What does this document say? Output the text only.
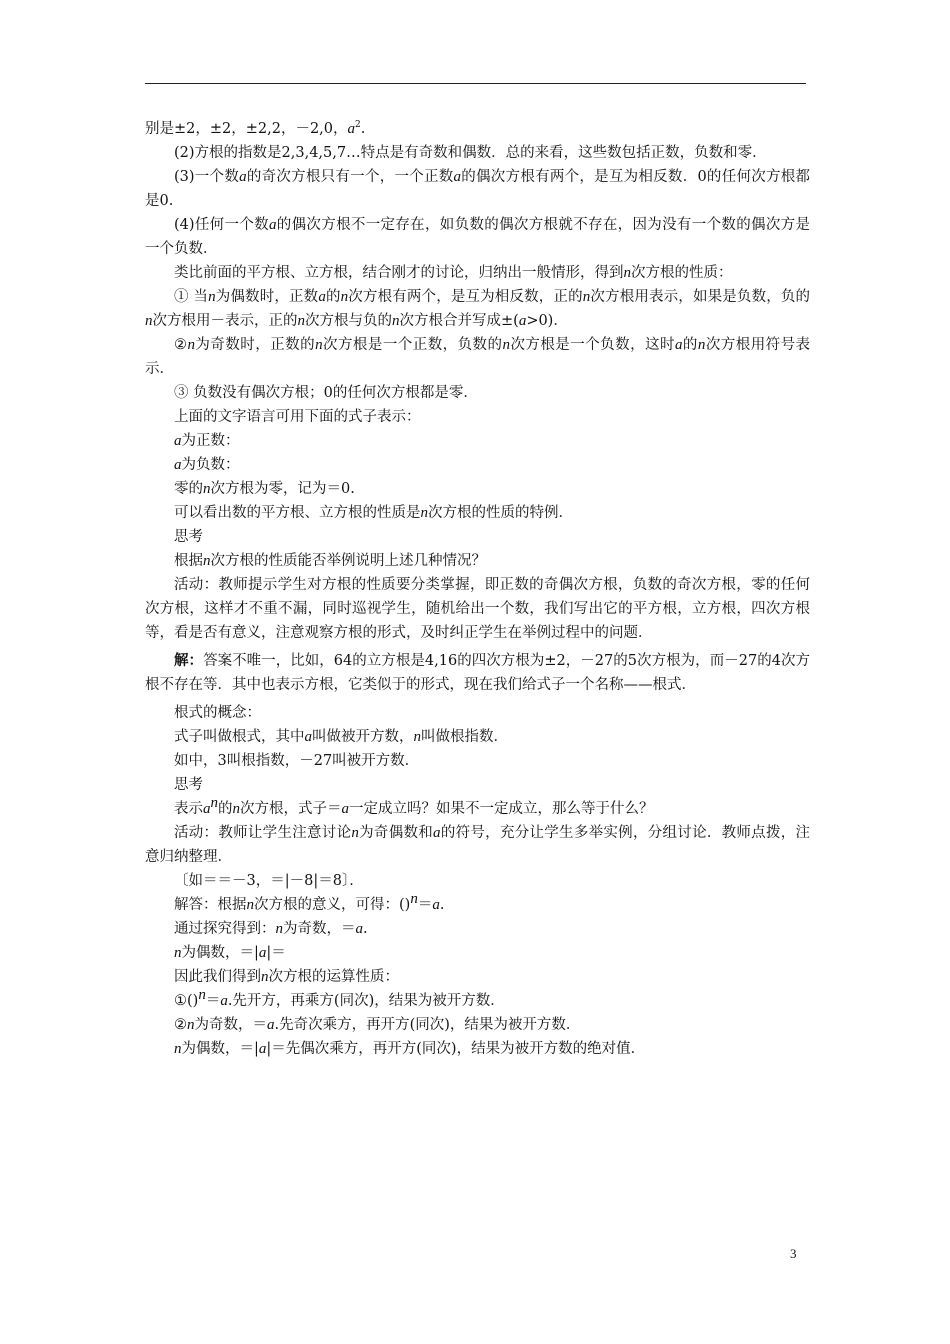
别是±2，±2，±2,2，－2,0，$a^2$.

(2)方根的指数是2,3,4,5,7…特点是有奇数和偶数．总的来看，这些数包括正数，负数和零．

(3)一个数a的奇次方根只有一个，一个正数a的偶次方根有两个，是互为相反数．0的任何次方根都是0.

(4)任何一个数a的偶次方根不一定存在，如负数的偶次方根就不存在，因为没有一个数的偶次方是一个负数．

类比前面的平方根、立方根，结合刚才的讨论，归纳出一般情形，得到n次方根的性质：

① 当n为偶数时，正数a的n次方根有两个，是互为相反数，正的n次方根用表示，如果是负数，负的n次方根用－表示，正的n次方根与负的n次方根合并写成±(a>0)．

②n为奇数时，正数的n次方根是一个正数，负数的n次方根是一个负数，这时a的n次方根用符号表示．

③ 负数没有偶次方根；0的任何次方根都是零．

上面的文字语言可用下面的式子表示：

a为正数：

a为负数：

零的n次方根为零，记为＝0.

可以看出数的平方根、立方根的性质是n次方根的性质的特例．

思考

根据n次方根的性质能否举例说明上述几种情况？

活动：教师提示学生对方根的性质要分类掌握，即正数的奇偶次方根，负数的奇次方根，零的任何次方根，这样才不重不漏，同时巡视学生，随机给出一个数，我们写出它的平方根，立方根，四次方根等，看是否有意义，注意观察方根的形式，及时纠正学生在举例过程中的问题．

解：答案不唯一，比如，64的立方根是4,16的四次方根为±2，－27的5次方根为，而－27的4次方根不存在等．其中也表示方根，它类似于的形式，现在我们给式子一个名称——根式．

根式的概念：

式子叫做根式，其中a叫做被开方数，n叫做根指数．

如中，3叫根指数，－27叫被开方数．

思考

表示$a^n$的n次方根，式子＝a一定成立吗？如果不一定成立，那么等于什么？

活动：教师让学生注意讨论n为奇偶数和a的符号，充分让学生多举实例，分组讨论．教师点拨，注意归纳整理．

〔如＝＝－3，＝|－8|＝8〕．

解答：根据n次方根的意义，可得：()$^n$＝a.

通过探究得到：n为奇数，＝a.

n为偶数，＝|a|＝

因此我们得到n次方根的运算性质：

①()$^n$＝a.先开方，再乘方(同次)，结果为被开方数．

②n为奇数，＝a.先奇次乘方，再开方(同次)，结果为被开方数．

n为偶数，＝|a|＝先偶次乘方，再开方(同次)，结果为被开方数的绝对值．

3
